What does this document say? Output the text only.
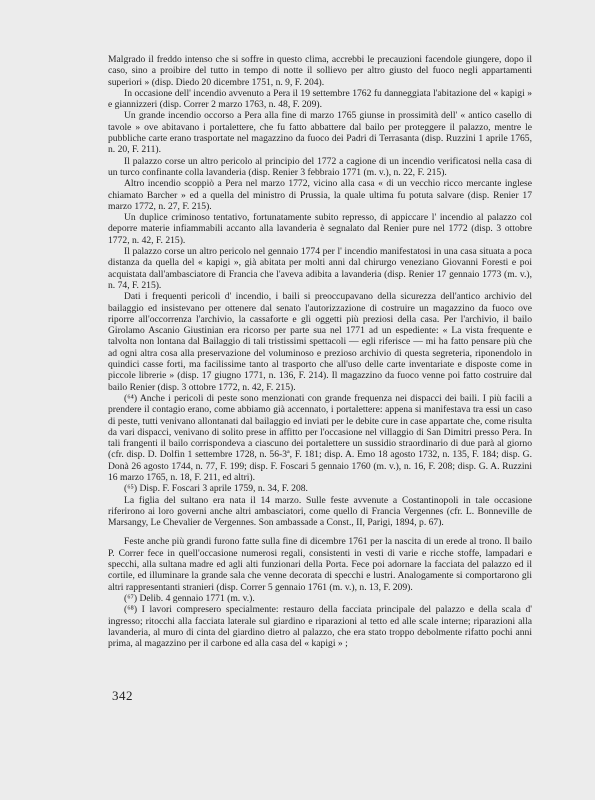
Malgrado il freddo intenso che si soffre in questo clima, accrebbi le precauzioni facendole giungere, dopo il caso, sino a proibire del tutto in tempo di notte il sollievo per altro giusto del fuoco negli appartamenti superiori » (disp. Diedo 20 dicembre 1751, n. 9, F. 204).

In occasione dell' incendio avvenuto a Pera il 19 settembre 1762 fu danneggiata l'abitazione del « kapigi » e giannizzeri (disp. Correr 2 marzo 1763, n. 48, F. 209).

Un grande incendio occorso a Pera alla fine di marzo 1765 giunse in prossimità dell' « antico casello di tavole » ove abitavano i portalettere, che fu fatto abbattere dal bailo per proteggere il palazzo, mentre le pubbliche carte erano trasportate nel magazzino da fuoco dei Padri di Terrasanta (disp. Ruzzini 1 aprile 1765, n. 20, F. 211).

Il palazzo corse un altro pericolo al principio del 1772 a cagione di un incendio verificatosi nella casa di un turco confinante colla lavanderia (disp. Renier 3 febbraio 1771 (m. v.), n. 22, F. 215).

Altro incendio scoppiò a Pera nel marzo 1772, vicino alla casa « di un vecchio ricco mercante inglese chiamato Barcher » ed a quella del ministro di Prussia, la quale ultima fu potuta salvare (disp. Renier 17 marzo 1772, n. 27, F. 215).

Un duplice criminoso tentativo, fortunatamente subito represso, di appiccare l' incendio al palazzo col deporre materie infiammabili accanto alla lavanderia è segnalato dal Renier pure nel 1772 (disp. 3 ottobre 1772, n. 42, F. 215).

Il palazzo corse un altro pericolo nel gennaio 1774 per l' incendio manifestatosi in una casa situata a poca distanza da quella del « kapigi », già abitata per molti anni dal chirurgo veneziano Giovanni Foresti e poi acquistata dall'ambasciatore di Francia che l'aveva adibita a lavanderia (disp. Renier 17 gennaio 1773 (m. v.), n. 74, F. 215).

Dati i frequenti pericoli d' incendio, i baili si preoccupavano della sicurezza dell'antico archivio del bailaggio ed insistevano per ottenere dal senato l'autorizzazione di costruire un magazzino da fuoco ove riporre all'occorrenza l'archivio, la cassaforte e gli oggetti più preziosi della casa. Per l'archivio, il bailo Girolamo Ascanio Giustinian era ricorso per parte sua nel 1771 ad un espediente: « La vista frequente e talvolta non lontana dal Bailaggio di tali tristissimi spettacoli — egli riferisce — mi ha fatto pensare più che ad ogni altra cosa alla preservazione del voluminoso e prezioso archivio di questa segreteria, riponendolo in quindici casse forti, ma facilissime tanto al trasporto che all'uso delle carte inventariate e disposte come in piccole librerie » (disp. 17 giugno 1771, n. 136, F. 214). Il magazzino da fuoco venne poi fatto costruire dal bailo Renier (disp. 3 ottobre 1772, n. 42, F. 215).

(⁶⁴) Anche i pericoli di peste sono menzionati con grande frequenza nei dispacci dei baili. I più facili a prendere il contagio erano, come abbiamo già accennato, i portalettere: appena si manifestava tra essi un caso di peste, tutti venivano allontanati dal bailaggio ed inviati per le debite cure in case appartate che, come risulta da vari dispacci, venivano di solito prese in affitto per l'occasione nel villaggio di San Dimitri presso Pera. In tali frangenti il bailo corrispondeva a ciascuno dei portalettere un sussidio straordinario di due parà al giorno (cfr. disp. D. Dolfin 1 settembre 1728, n. 56-3ª, F. 181; disp. A. Emo 18 agosto 1732, n. 135, F. 184; disp. G. Donà 26 agosto 1744, n. 77, F. 199; disp. F. Foscari 5 gennaio 1760 (m. v.), n. 16, F. 208; disp. G. A. Ruzzini 16 marzo 1765, n. 18, F. 211, ed altri).

(⁶⁵) Disp. F. Foscari 3 aprile 1759, n. 34, F. 208.

La figlia del sultano era nata il 14 marzo. Sulle feste avvenute a Costantinopoli in tale occasione riferirono ai loro governi anche altri ambasciatori, come quello di Francia Vergennes (cfr. L. Bonneville de Marsangy, Le Chevalier de Vergennes. Son ambassade a Const., II, Parigi, 1894, p. 67).

Feste anche più grandi furono fatte sulla fine di dicembre 1761 per la nascita di un erede al trono. Il bailo P. Correr fece in quell'occasione numerosi regali, consistenti in vesti di varie e ricche stoffe, lampadari e specchi, alla sultana madre ed agli alti funzionari della Porta. Fece poi adornare la facciata del palazzo ed il cortile, ed illuminare la grande sala che venne decorata di specchi e lustri. Analogamente si comportarono gli altri rappresentanti stranieri (disp. Correr 5 gennaio 1761 (m. v.), n. 13, F. 209).

(⁶⁷) Delib. 4 gennaio 1771 (m. v.).

(⁶⁸) I lavori compresero specialmente: restauro della facciata principale del palazzo e della scala d' ingresso; ritocchi alla facciata laterale sul giardino e riparazioni al tetto ed alle scale interne; riparazioni alla lavanderia, al muro di cinta del giardino dietro al palazzo, che era stato troppo debolmente rifatto pochi anni prima, al magazzino per il carbone ed alla casa del « kapigi » ;

342
